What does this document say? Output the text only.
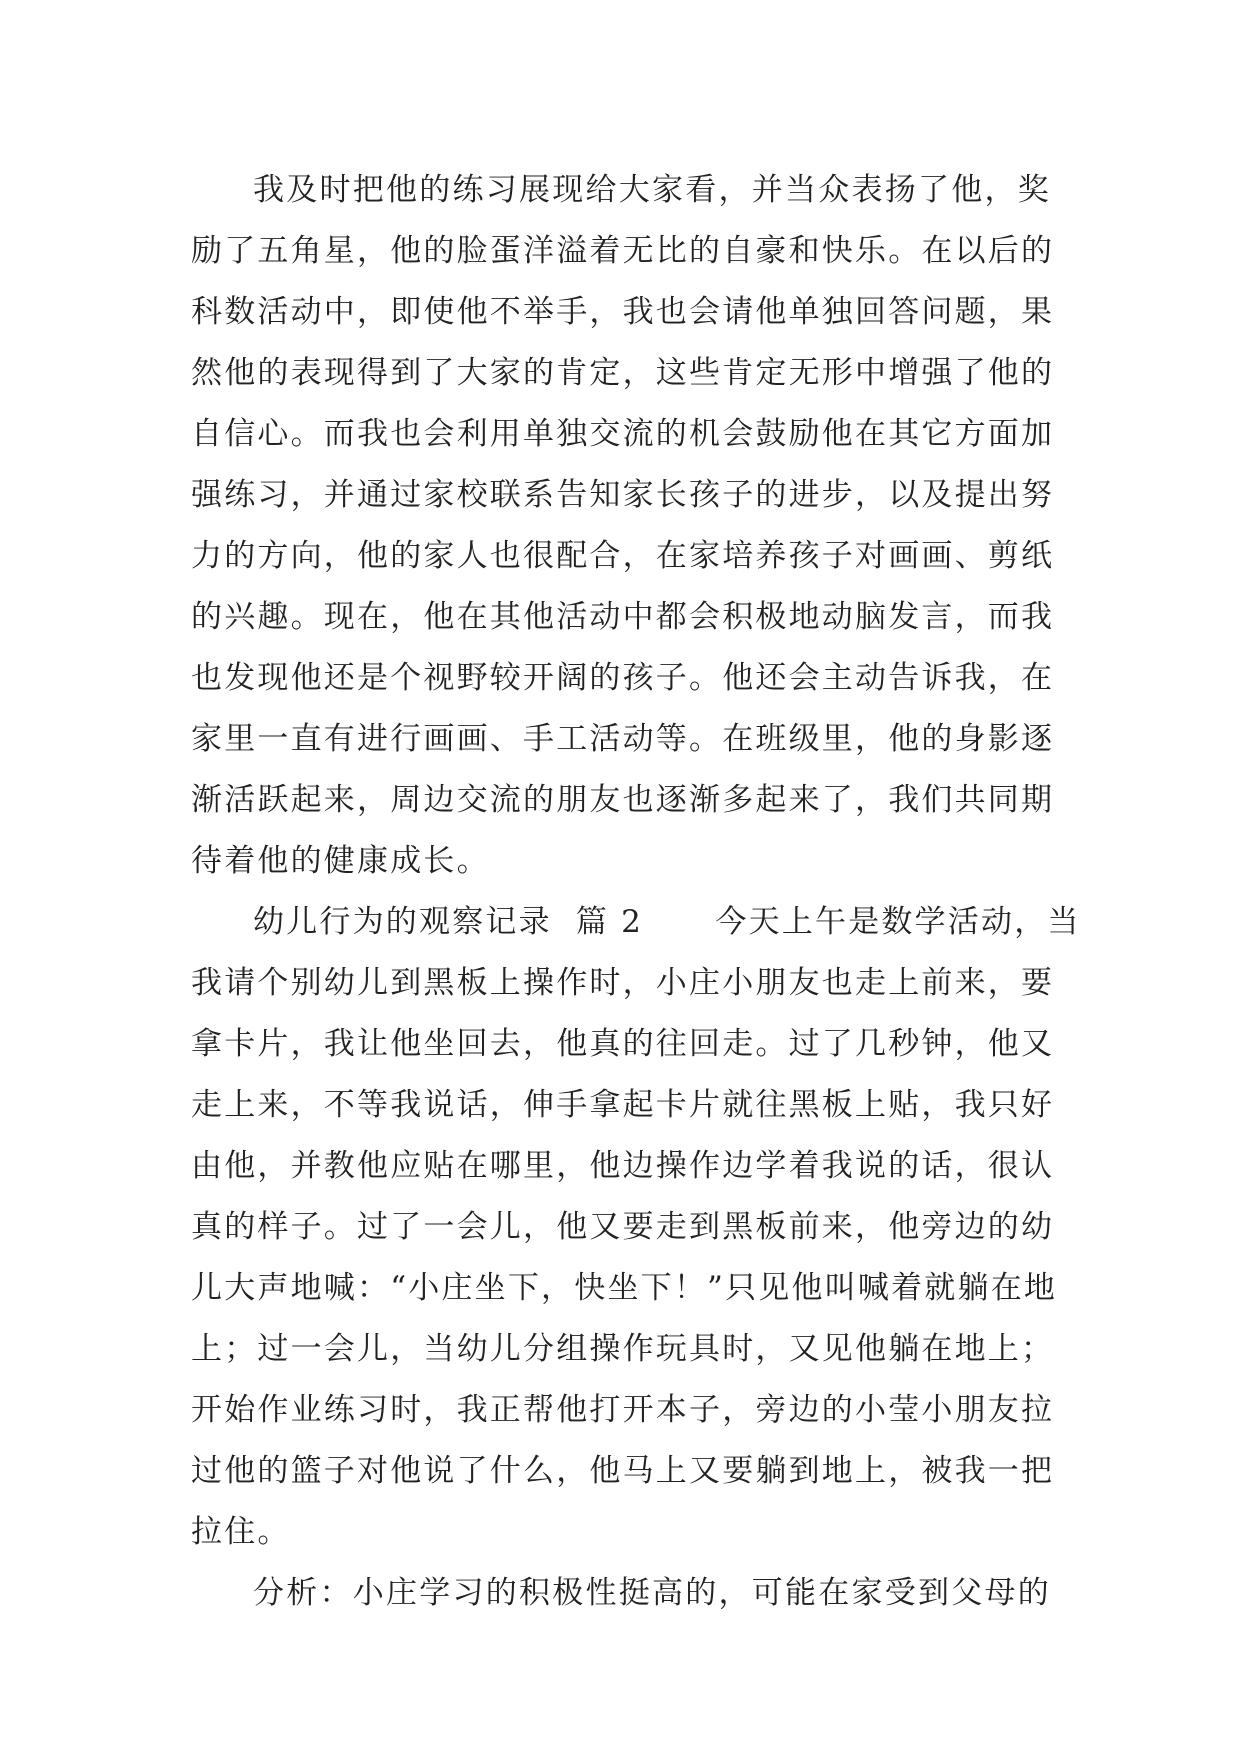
我及时把他的练习展现给大家看，并当众表扬了他，奖
励了五角星，他的脸蛋洋溢着无比的自豪和快乐。在以后的
科数活动中，即使他不举手，我也会请他单独回答问题，果
然他的表现得到了大家的肯定，这些肯定无形中增强了他的
自信心。而我也会利用单独交流的机会鼓励他在其它方面加
强练习，并通过家校联系告知家长孩子的进步，以及提出努
力的方向，他的家人也很配合，在家培养孩子对画画、剪纸
的兴趣。现在，他在其他活动中都会积极地动脑发言，而我
也发现他还是个视野较开阔的孩子。他还会主动告诉我，在
家里一直有进行画画、手工活动等。在班级里，他的身影逐
渐活跃起来，周边交流的朋友也逐渐多起来了，我们共同期
待着他的健康成长。
幼儿行为的观察记录  篇 2      今天上午是数学活动，当
我请个别幼儿到黑板上操作时，小庄小朋友也走上前来，要
拿卡片，我让他坐回去，他真的往回走。过了几秒钟，他又
走上来，不等我说话，伸手拿起卡片就往黑板上贴，我只好
由他，并教他应贴在哪里，他边操作边学着我说的话，很认
真的样子。过了一会儿，他又要走到黑板前来，他旁边的幼
儿大声地喊：“小庄坐下，快坐下！”只见他叫喊着就躺在地
上；过一会儿，当幼儿分组操作玩具时，又见他躺在地上；
开始作业练习时，我正帮他打开本子，旁边的小莹小朋友拉
过他的篮子对他说了什么，他马上又要躺到地上，被我一把
拉住。
分析：小庄学习的积极性挺高的，可能在家受到父母的
